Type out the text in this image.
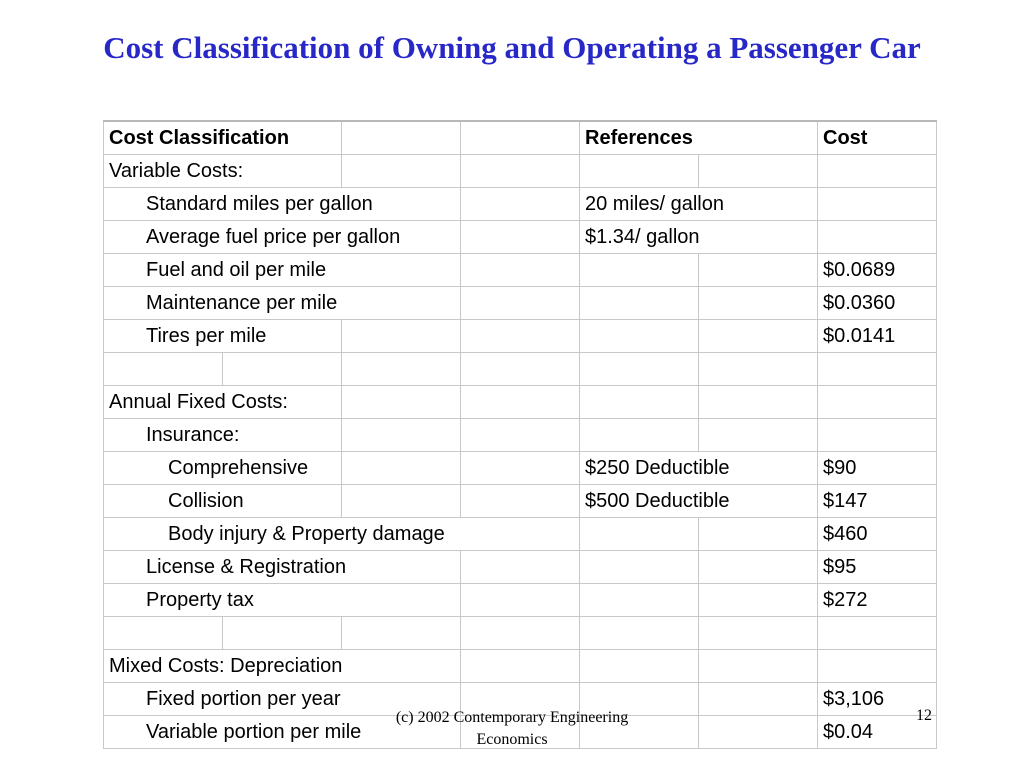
Cost Classification of Owning and Operating a Passenger Car
Cost Classification				References		Cost
Variable Costs:						
Standard miles per gallon				20 miles/ gallon		
Average fuel price per gallon				$1.34/ gallon		
Fuel and oil per mile						$0.0689
Maintenance per mile						$0.0360
Tires per mile						$0.0141

Annual Fixed Costs:						
Insurance:						
Comprehensive				$250 Deductible		$90
Collision				$500 Deductible		$147
Body injury & Property damage						$460
License & Registration						$95
Property tax						$272

Mixed Costs: Depreciation						
Fixed portion per year						$3,106
Variable portion per mile						$0.04
(c) 2002 Contemporary Engineering
Economics
12
